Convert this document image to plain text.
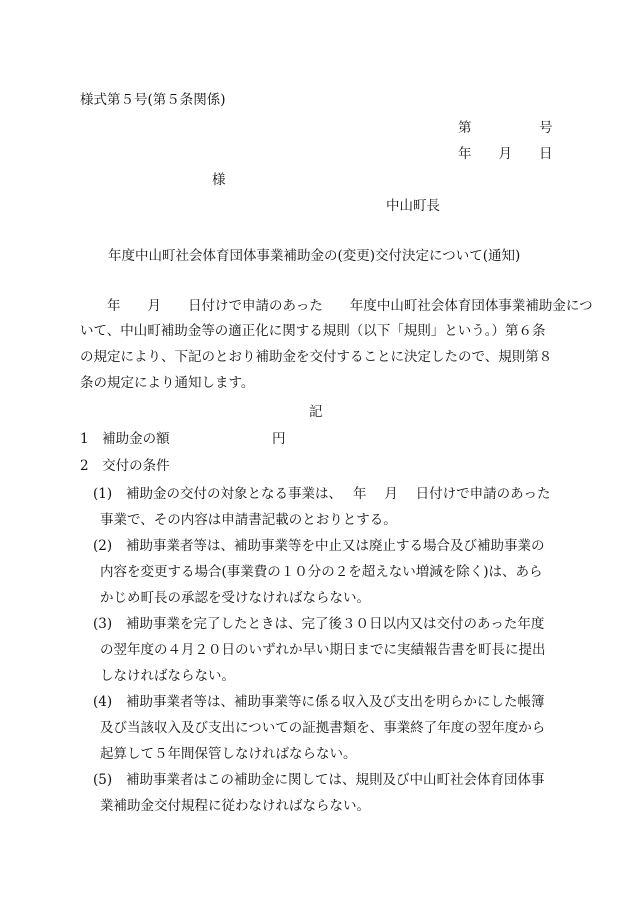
様式第５号(第５条関係)
第　　　　　号
年　　月　　日
様
中山町長
年度中山町社会体育団体事業補助金の(変更)交付決定について(通知)
　　年　　月　　日付けで申請のあった　　年度中山町社会体育団体事業補助金につ
いて、中山町補助金等の適正化に関する規則（以下「規則」という。）第６条
の規定により、下記のとおり補助金を交付することに決定したので、規則第８
条の規定により通知します。
記
1　補助金の額	円
2　交付の条件
(1) 補助金の交付の対象となる事業は、　 年　 月　 日付けで申請のあった
事業で、その内容は申請書記載のとおりとする。
(2) 補助事業者等は、補助事業等を中止又は廃止する場合及び補助事業の
内容を変更する場合(事業費の１０分の２を超えない増減を除く)は、あら
かじめ町長の承認を受けなければならない。
(3) 補助事業を完了したときは、完了後３０日以内又は交付のあった年度
の翌年度の４月２０日のいずれか早い期日までに実績報告書を町長に提出
しなければならない。
(4) 補助事業者等は、補助事業等に係る収入及び支出を明らかにした帳簿
及び当該収入及び支出についての証拠書類を、事業終了年度の翌年度から
起算して５年間保管しなければならない。
(5) 補助事業者はこの補助金に関しては、規則及び中山町社会体育団体事
業補助金交付規程に従わなければならない。
